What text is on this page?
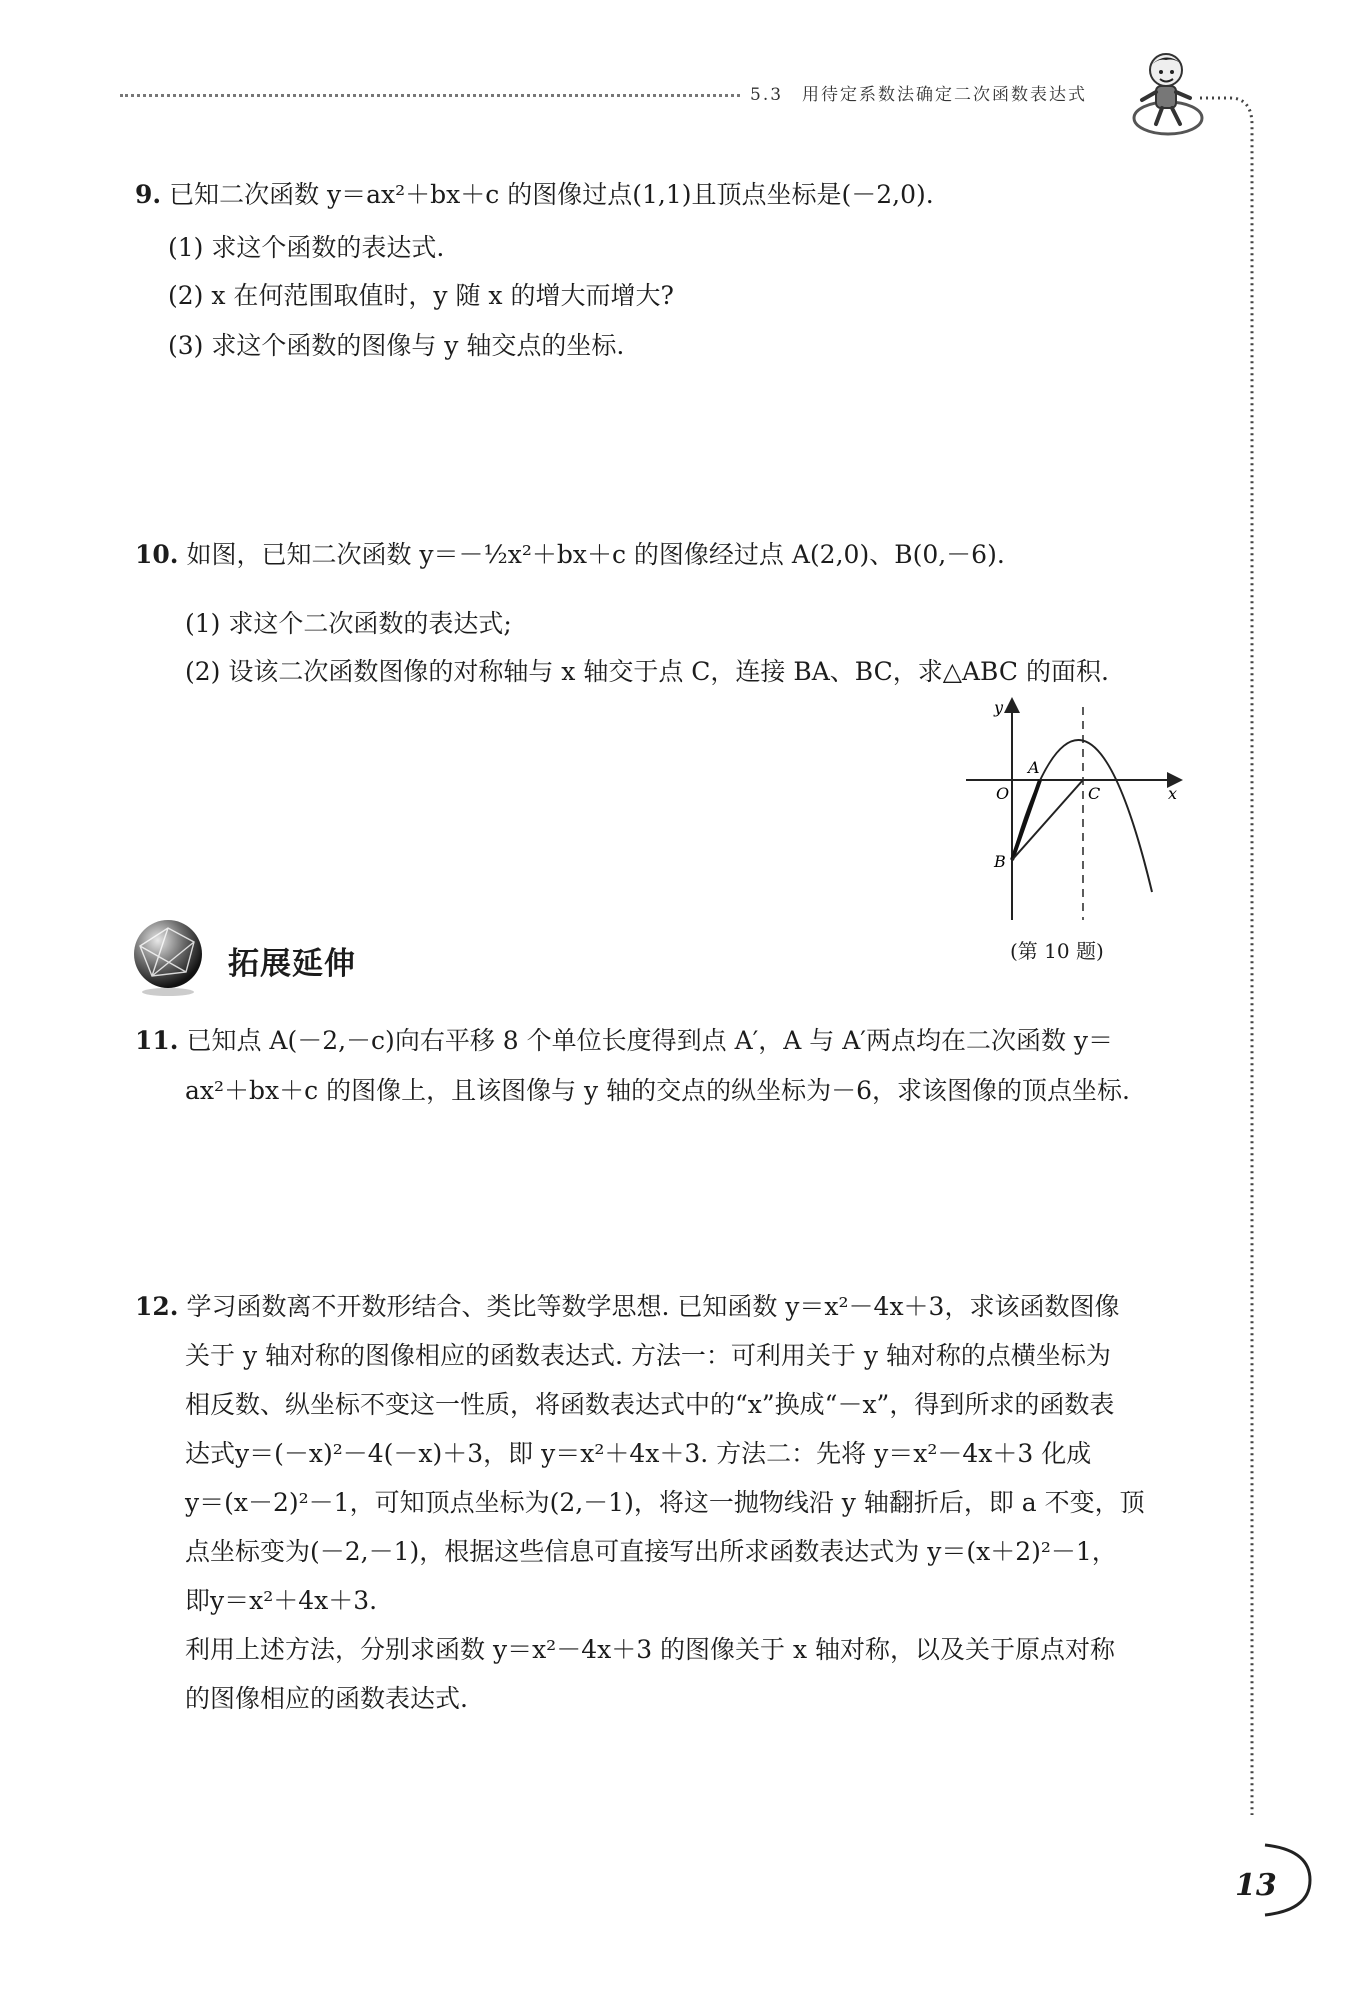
5.3　用待定系数法确定二次函数表达式
13
9. 已知二次函数 y＝ax²＋bx＋c 的图像过点(1,1)且顶点坐标是(－2,0).
(1) 求这个函数的表达式.
(2) x 在何范围取值时，y 随 x 的增大而增大?
(3) 求这个函数的图像与 y 轴交点的坐标.
10. 如图，已知二次函数 y＝－½x²＋bx＋c 的图像经过点 A(2,0)、B(0,－6).
(1) 求这个二次函数的表达式;
(2) 设该二次函数图像的对称轴与 x 轴交于点 C，连接 BA、BC，求△ABC 的面积.
y
x
O
A
B
C
(第 10 题)
拓展延伸
11. 已知点 A(－2,－c)向右平移 8 个单位长度得到点 A′，A 与 A′两点均在二次函数 y＝
ax²＋bx＋c 的图像上，且该图像与 y 轴的交点的纵坐标为－6，求该图像的顶点坐标.
12. 学习函数离不开数形结合、类比等数学思想. 已知函数 y＝x²－4x＋3，求该函数图像
关于 y 轴对称的图像相应的函数表达式. 方法一：可利用关于 y 轴对称的点横坐标为
相反数、纵坐标不变这一性质，将函数表达式中的“x”换成“－x”，得到所求的函数表
达式y＝(－x)²－4(－x)＋3，即 y＝x²＋4x＋3. 方法二：先将 y＝x²－4x＋3 化成
y＝(x－2)²－1，可知顶点坐标为(2,－1)，将这一抛物线沿 y 轴翻折后，即 a 不变，顶
点坐标变为(－2,－1)，根据这些信息可直接写出所求函数表达式为 y＝(x＋2)²－1，
即y＝x²＋4x＋3.
利用上述方法，分别求函数 y＝x²－4x＋3 的图像关于 x 轴对称，以及关于原点对称
的图像相应的函数表达式.
